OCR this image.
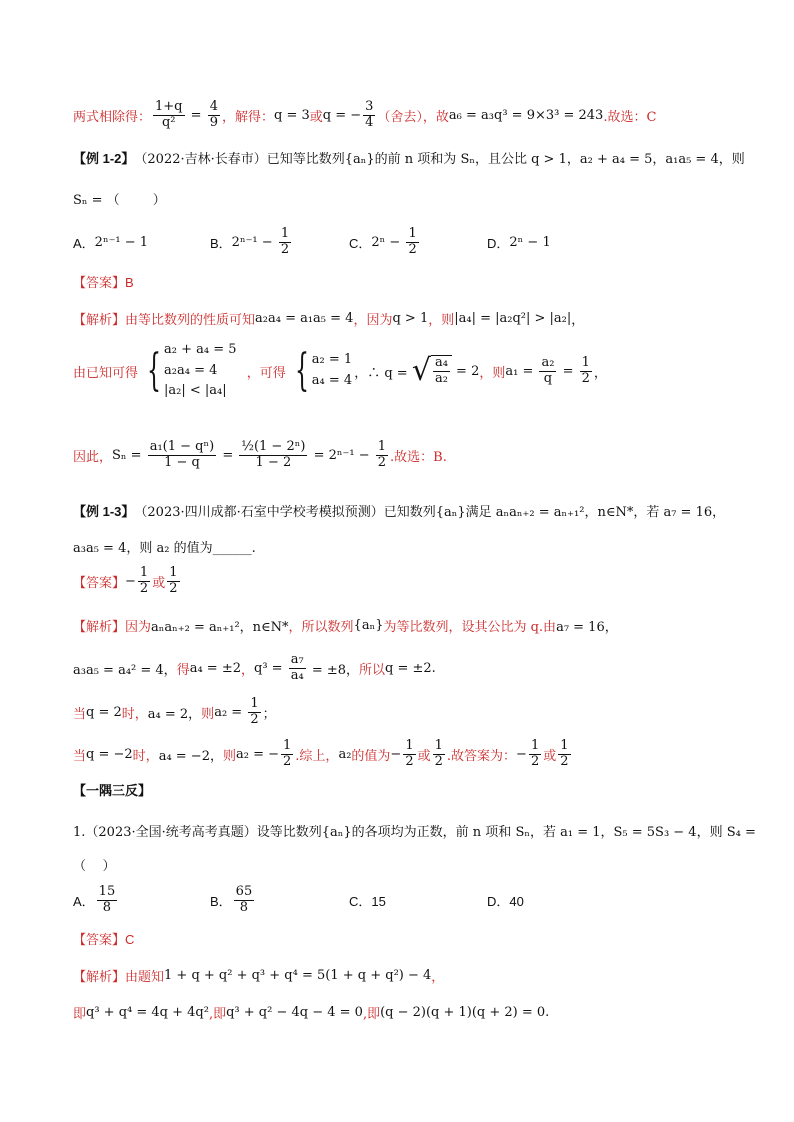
两式相除得： $\frac{1+q}{\text{q²}} = \frac{4}{9}$ ，解得： q = 3 或 q = − $\frac{3}{4}$ （舍去），故 a₆ = a₃q³ = 9×3³ = 243 .故选：C
【例 1-2】 （2022·吉林·长春市）已知等比数列{aₙ}的前 n 项和为 Sₙ，且公比 q > 1，a₂ + a₄ = 5，a₁a₅ = 4，则
Sₙ = （        ）
A． 2ⁿ⁻¹ − 1	B． $2^{n-1} - \frac{1}{2}$	C． $2^n - \frac{1}{2}$	D． 2ⁿ − 1
【答案】B
【解析】由等比数列的性质可知 a₂a₄ = a₁a₅ = 4 ，因为 q > 1 ，则 |a₄| = |a₂q²| > |a₂| ，
由已知可得 { a₂ + a₄ = 5
a₂a₄ = 4
|a₂| < |a₄|
，可得 { a₂ = 1
a₄ = 4 ，∴ q = √ $\frac{\text{a₄}}{\text{a₂}} = 2$ ，则 $a_1 = \frac{\text{a₂}}{q} = \frac{1}{2}$ ，
因此， $S_n = \frac{\text{a₁(1 − qⁿ)}}{1 - q} = \frac{\text{½(1 − 2ⁿ)}}{1 - 2} = 2^{n-1} - \frac{1}{2}$ .故选：B.
【例 1-3】 （2023·四川成都·石室中学校考模拟预测）已知数列{aₙ}满足 aₙaₙ₊₂ = aₙ₊₁²，n∈N*，若 a₇ = 16，
a₃a₅ = 4，则 a₂ 的值为______.
【答案】 − $\frac{1}{2}$ 或 $\frac{1}{2}$
【解析】因为 aₙaₙ₊₂ = aₙ₊₁²，n∈N* ，所以数列 {aₙ} 为等比数列，设其公比为 q.由 a₇ = 16，
a₃a₅ = a₄² = 4， 得 a₄ = ±2 ， $q^3 = \frac{\text{a₇}}{\text{a₄}} = \pm 8$， 所以 q = ±2.
当 q = 2 时， a₄ = 2， 则 $a_2 = \frac{1}{2}$ ；
当 q = −2 时， a₄ = −2， 则 a₂ = − $\frac{1}{2}$ .综上， a₂ 的值为 − $\frac{1}{2}$ 或 $\frac{1}{2}$ .故答案为： − $\frac{1}{2}$ 或 $\frac{1}{2}$
【一隅三反】
1.（2023·全国·统考高考真题）设等比数列{aₙ}的各项均为正数，前 n 项和 Sₙ，若 a₁ = 1，S₅ = 5S₃ − 4，则 S₄ =
（    ）
A． $\frac{15}{8}$	B． $\frac{65}{8}$	C．15	D．40
【答案】C
【解析】由题知 1 + q + q² + q³ + q⁴ = 5(1 + q + q²) − 4 ，
即 q³ + q⁴ = 4q + 4q² ,即 q³ + q² − 4q − 4 = 0 ,即 (q − 2)(q + 1)(q + 2) = 0.
